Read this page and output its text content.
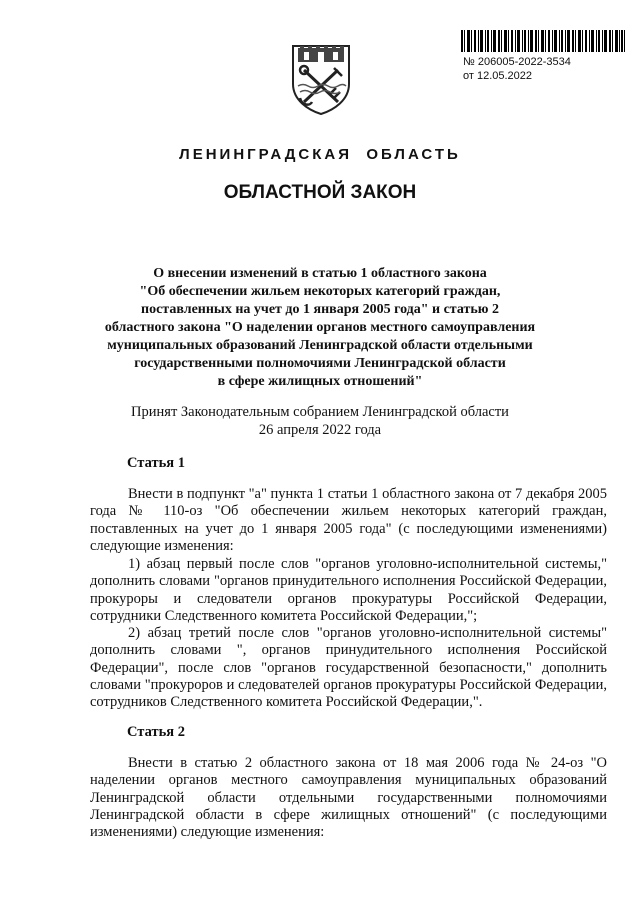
№ 206005-2022-3534
от 12.05.2022
ЛЕНИНГРАДСКАЯ  ОБЛАСТЬ
ОБЛАСТНОЙ ЗАКОН
О внесении изменений в статью 1 областного закона
"Об обеспечении жильем некоторых категорий граждан,
поставленных на учет до 1 января 2005 года" и статью 2
областного закона "О наделении органов местного самоуправления
муниципальных образований Ленинградской области отдельными
государственными полномочиями Ленинградской области
в сфере жилищных отношений"
Принят Законодательным собранием Ленинградской области
26 апреля 2022 года
Статья 1
Внести в подпункт "а" пункта 1 статьи 1 областного закона от 7 декабря 2005 года № 110-оз "Об обеспечении жильем некоторых категорий граждан, поставленных на учет до 1 января 2005 года" (с последующими изменениями) следующие изменения:
1) абзац первый после слов "органов уголовно-исполнительной системы," дополнить словами "органов принудительного исполнения Российской Федерации, прокуроры и следователи органов прокуратуры Российской Федерации, сотрудники Следственного комитета Российской Федерации,";
2) абзац третий после слов "органов уголовно-исполнительной системы" дополнить словами ", органов принудительного исполнения Российской Федерации", после слов "органов государственной безопасности," дополнить словами "прокуроров и следователей органов прокуратуры Российской Федерации, сотрудников Следственного комитета Российской Федерации,".
Статья 2
Внести в статью 2 областного закона от 18 мая 2006 года № 24-оз "О наделении органов местного самоуправления муниципальных образований Ленинградской области отдельными государственными полномочиями Ленинградской области в сфере жилищных отношений" (с последующими изменениями) следующие изменения:
